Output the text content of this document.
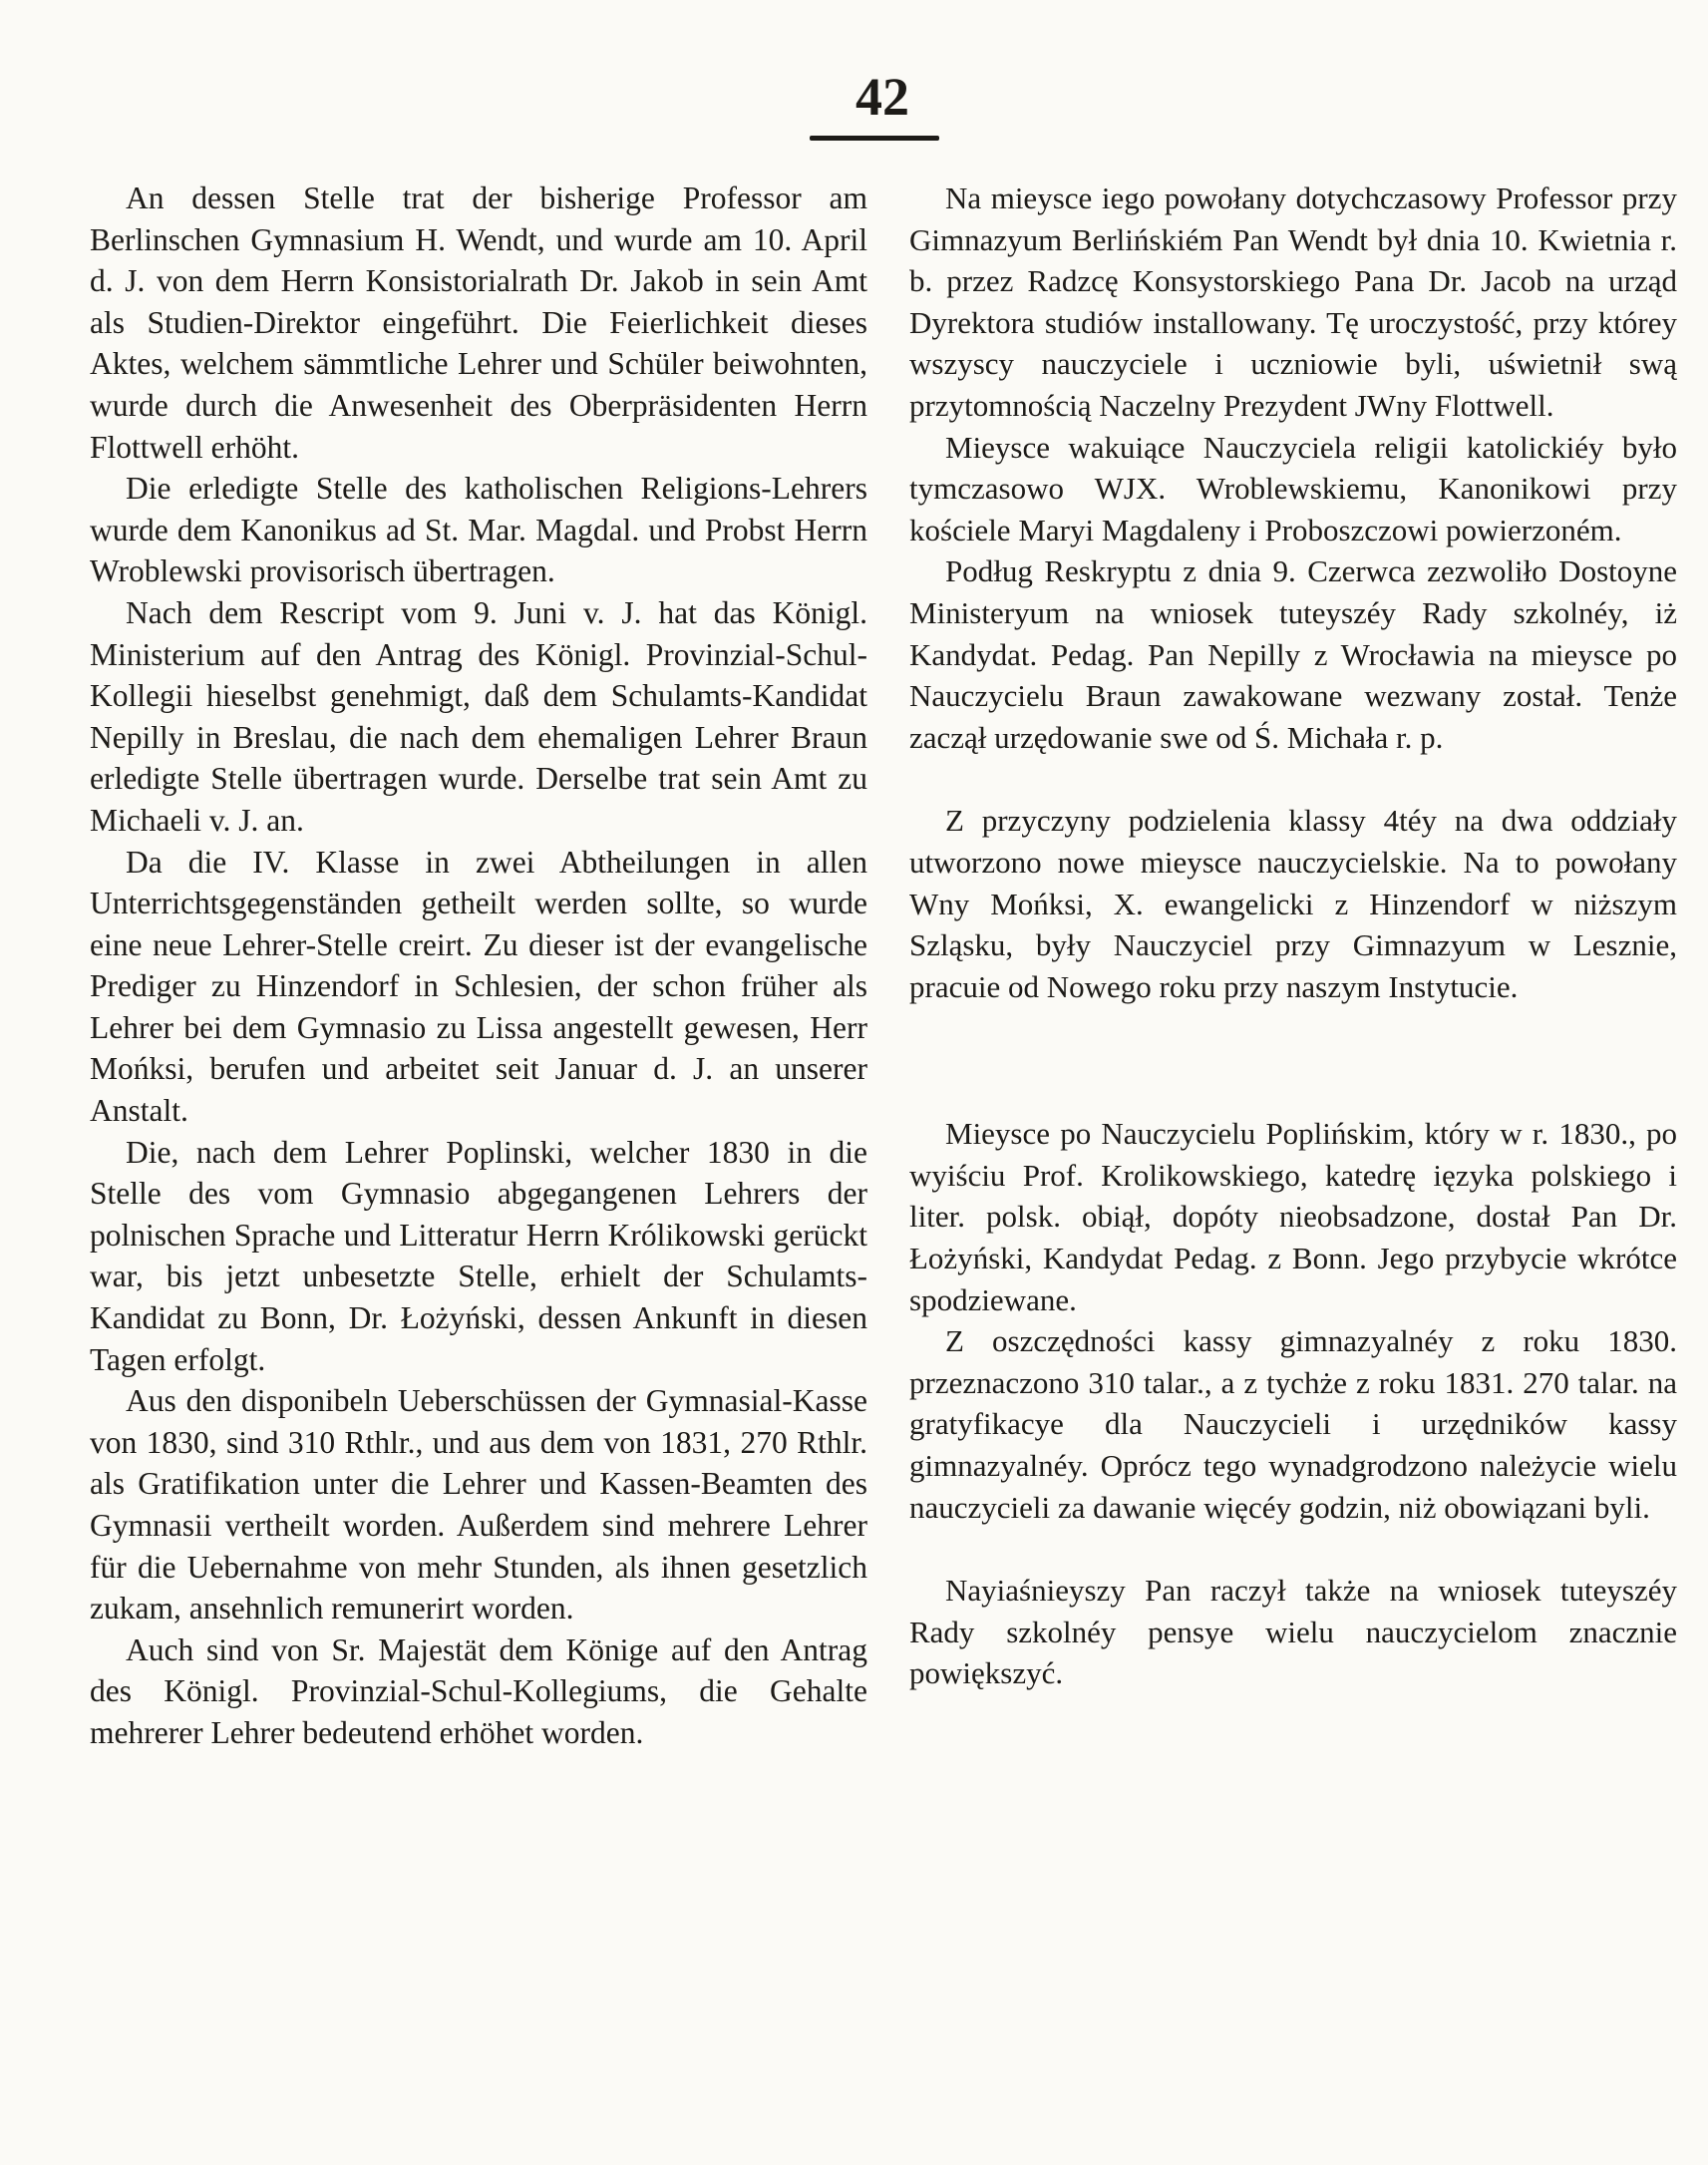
42

An dessen Stelle trat der bisherige Professor am Berlinschen Gymnasium H. Wendt, und wurde am 10. April d. J. von dem Herrn Konsistorialrath Dr. Jakob in sein Amt als Studien-Direktor eingeführt. Die Feierlichkeit dieses Aktes, welchem sämmtliche Lehrer und Schüler beiwohnten, wurde durch die Anwesenheit des Oberpräsidenten Herrn Flottwell erhöht.

Die erledigte Stelle des katholischen Religions-Lehrers wurde dem Kanonikus ad St. Mar. Magdal. und Probst Herrn Wroblewski provisorisch übertragen.

Nach dem Rescript vom 9. Juni v. J. hat das Königl. Ministerium auf den Antrag des Königl. Provinzial-Schul-Kollegii hieselbst genehmigt, daß dem Schulamts-Kandidat Nepilly in Breslau, die nach dem ehemaligen Lehrer Braun erledigte Stelle übertragen wurde. Derselbe trat sein Amt zu Michaeli v. J. an.

Da die IV. Klasse in zwei Abtheilungen in allen Unterrichtsgegenständen getheilt werden sollte, so wurde eine neue Lehrer-Stelle creirt. Zu dieser ist der evangelische Prediger zu Hinzendorf in Schlesien, der schon früher als Lehrer bei dem Gymnasio zu Lissa angestellt gewesen, Herr Mońksi, berufen und arbeitet seit Januar d. J. an unserer Anstalt.

Die, nach dem Lehrer Poplinski, welcher 1830 in die Stelle des vom Gymnasio abgegangenen Lehrers der polnischen Sprache und Litteratur Herrn Królikowski gerückt war, bis jetzt unbesetzte Stelle, erhielt der Schulamts-Kandidat zu Bonn, Dr. Łożyński, dessen Ankunft in diesen Tagen erfolgt.

Aus den disponibeln Ueberschüssen der Gymnasial-Kasse von 1830, sind 310 Rthlr., und aus dem von 1831, 270 Rthlr. als Gratifikation unter die Lehrer und Kassen-Beamten des Gymnasii vertheilt worden. Außerdem sind mehrere Lehrer für die Uebernahme von mehr Stunden, als ihnen gesetzlich zukam, ansehnlich remunerirt worden.

Auch sind von Sr. Majestät dem Könige auf den Antrag des Königl. Provinzial-Schul-Kollegiums, die Gehalte mehrerer Lehrer bedeutend erhöhet worden.

Na mieysce iego powołany dotychczasowy Professor przy Gimnazyum Berlińskiém Pan Wendt był dnia 10. Kwietnia r. b. przez Radzcę Konsystorskiego Pana Dr. Jacob na urząd Dyrektora studiów installowany. Tę uroczystość, przy którey wszyscy nauczyciele i uczniowie byli, uświetnił swą przytomnością Naczelny Prezydent JWny Flottwell.

Mieysce wakuiące Nauczyciela religii katolickiéy było tymczasowo WJX. Wroblewskiemu, Kanonikowi przy kościele Maryi Magdaleny i Proboszczowi powierzoném.

Podług Reskryptu z dnia 9. Czerwca zezwoliło Dostoyne Ministeryum na wniosek tuteyszéy Rady szkolnéy, iż Kandydat. Pedag. Pan Nepilly z Wrocławia na mieysce po Nauczycielu Braun zawakowane wezwany został. Tenże zaczął urzędowanie swe od Ś. Michała r. p.

Z przyczyny podzielenia klassy 4téy na dwa oddziały utworzono nowe mieysce nauczycielskie. Na to powołany Wny Mońksi, X. ewangelicki z Hinzendorf w niższym Szląsku, były Nauczyciel przy Gimnazyum w Lesznie, pracuie od Nowego roku przy naszym Instytucie.

Mieysce po Nauczycielu Poplińskim, który w r. 1830., po wyiściu Prof. Krolikowskiego, katedrę ięzyka polskiego i liter. polsk. obiął, dopóty nieobsadzone, dostał Pan Dr. Łożyński, Kandydat Pedag. z Bonn. Jego przybycie wkrótce spodziewane.

Z oszczędności kassy gimnazyalnéy z roku 1830. przeznaczono 310 talar., a z tychże z roku 1831. 270 talar. na gratyfikacye dla Nauczycieli i urzędników kassy gimnazyalnéy. Oprócz tego wynadgrodzono należycie wielu nauczycieli za dawanie więcéy godzin, niż obowiązani byli.

Nayiaśnieyszy Pan raczył także na wniosek tuteyszéy Rady szkolnéy pensye wielu nauczycielom znacznie powiększyć.
